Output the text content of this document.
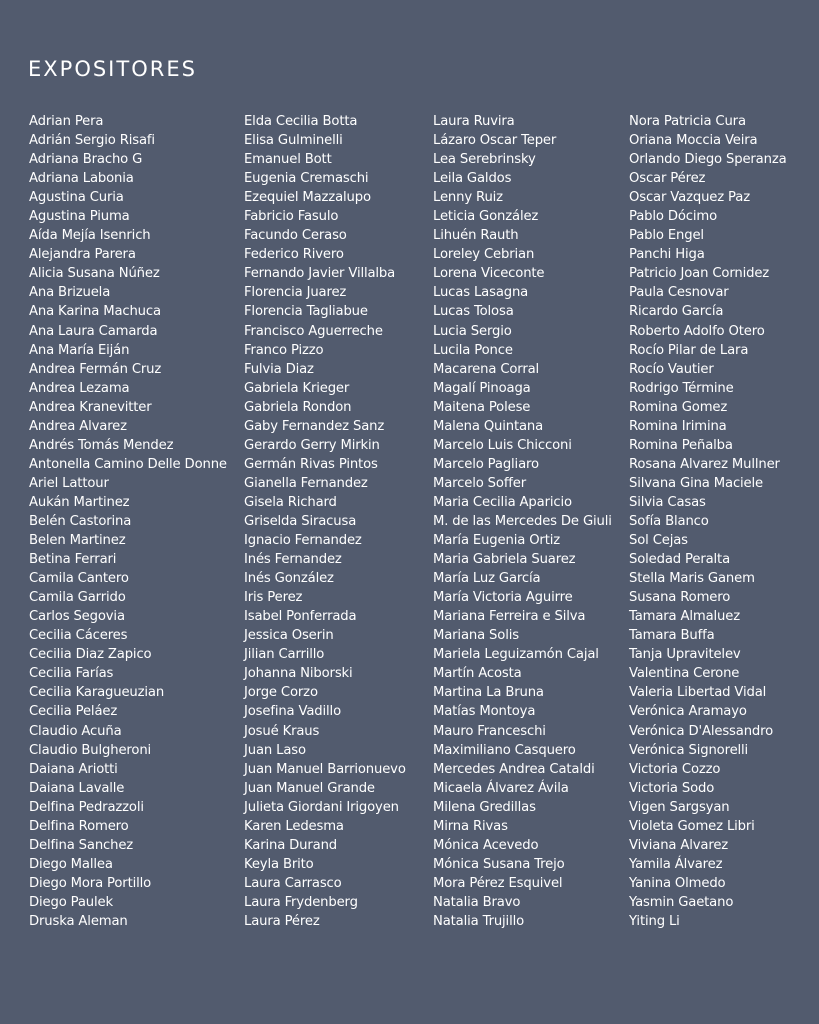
EXPOSITORES
Adrian Pera
Adrián Sergio Risafi
Adriana Bracho G
Adriana Labonia
Agustina Curia
Agustina Piuma
Aída Mejía Isenrich
Alejandra Parera
Alicia Susana Núñez
Ana Brizuela
Ana Karina Machuca
Ana Laura Camarda
Ana María Eiján
Andrea Fermán Cruz
Andrea Lezama
Andrea Kranevitter
Andrea Alvarez
Andrés Tomás Mendez
Antonella Camino Delle Donne
Ariel Lattour
Aukán Martinez
Belén Castorina
Belen Martinez
Betina Ferrari
Camila Cantero
Camila Garrido
Carlos Segovia
Cecilia Cáceres
Cecilia Diaz Zapico
Cecilia Farías
Cecilia Karagueuzian
Cecilia Peláez
Claudio Acuña
Claudio Bulgheroni
Daiana Ariotti
Daiana Lavalle
Delfina Pedrazzoli
Delfina Romero
Delfina Sanchez
Diego Mallea
Diego Mora Portillo
Diego Paulek
Druska Aleman
Elda Cecilia Botta
Elisa Gulminelli
Emanuel Bott
Eugenia Cremaschi
Ezequiel Mazzalupo
Fabricio Fasulo
Facundo Ceraso
Federico Rivero
Fernando Javier Villalba
Florencia Juarez
Florencia Tagliabue
Francisco Aguerreche
Franco Pizzo
Fulvia Diaz
Gabriela Krieger
Gabriela Rondon
Gaby Fernandez Sanz
Gerardo Gerry Mirkin
Germán Rivas Pintos
Gianella Fernandez
Gisela Richard
Griselda Siracusa
Ignacio Fernandez
Inés Fernandez
Inés González
Iris Perez
Isabel Ponferrada
Jessica Oserin
Jilian Carrillo
Johanna Niborski
Jorge Corzo
Josefina Vadillo
Josué Kraus
Juan Laso
Juan Manuel Barrionuevo
Juan Manuel Grande
Julieta Giordani Irigoyen
Karen Ledesma
Karina Durand
Keyla Brito
Laura Carrasco
Laura Frydenberg
Laura Pérez
Laura Ruvira
Lázaro Oscar Teper
Lea Serebrinsky
Leila Galdos
Lenny Ruiz
Leticia González
Lihuén Rauth
Loreley Cebrian
Lorena Viceconte
Lucas Lasagna
Lucas Tolosa
Lucia Sergio
Lucila Ponce
Macarena Corral
Magalí Pinoaga
Maitena Polese
Malena Quintana
Marcelo Luis Chicconi
Marcelo Pagliaro
Marcelo Soffer
Maria Cecilia Aparicio
M. de las Mercedes De Giuli
María Eugenia Ortiz
Maria Gabriela Suarez
María Luz García
María Victoria Aguirre
Mariana Ferreira e Silva
Mariana Solis
Mariela Leguizamón Cajal
Martín Acosta
Martina La Bruna
Matías Montoya
Mauro Franceschi
Maximiliano Casquero
Mercedes Andrea Cataldi
Micaela Álvarez Ávila
Milena Gredillas
Mirna Rivas
Mónica Acevedo
Mónica Susana Trejo
Mora Pérez Esquivel
Natalia Bravo
Natalia Trujillo
Nora Patricia Cura
Oriana Moccia Veira
Orlando Diego Speranza
Oscar Pérez
Oscar Vazquez Paz
Pablo Dócimo
Pablo Engel
Panchi Higa
Patricio Joan Cornidez
Paula Cesnovar
Ricardo García
Roberto Adolfo Otero
Rocío Pilar de Lara
Rocío Vautier
Rodrigo Términe
Romina Gomez
Romina Irimina
Romina Peñalba
Rosana Alvarez Mullner
Silvana Gina Maciele
Silvia Casas
Sofía Blanco
Sol Cejas
Soledad Peralta
Stella Maris Ganem
Susana Romero
Tamara Almaluez
Tamara Buffa
Tanja Upravitelev
Valentina Cerone
Valeria Libertad Vidal
Verónica Aramayo
Verónica D'Alessandro
Verónica Signorelli
Victoria Cozzo
Victoria Sodo
Vigen Sargsyan
Violeta Gomez Libri
Viviana Alvarez
Yamila Álvarez
Yanina Olmedo
Yasmin Gaetano
Yiting Li
